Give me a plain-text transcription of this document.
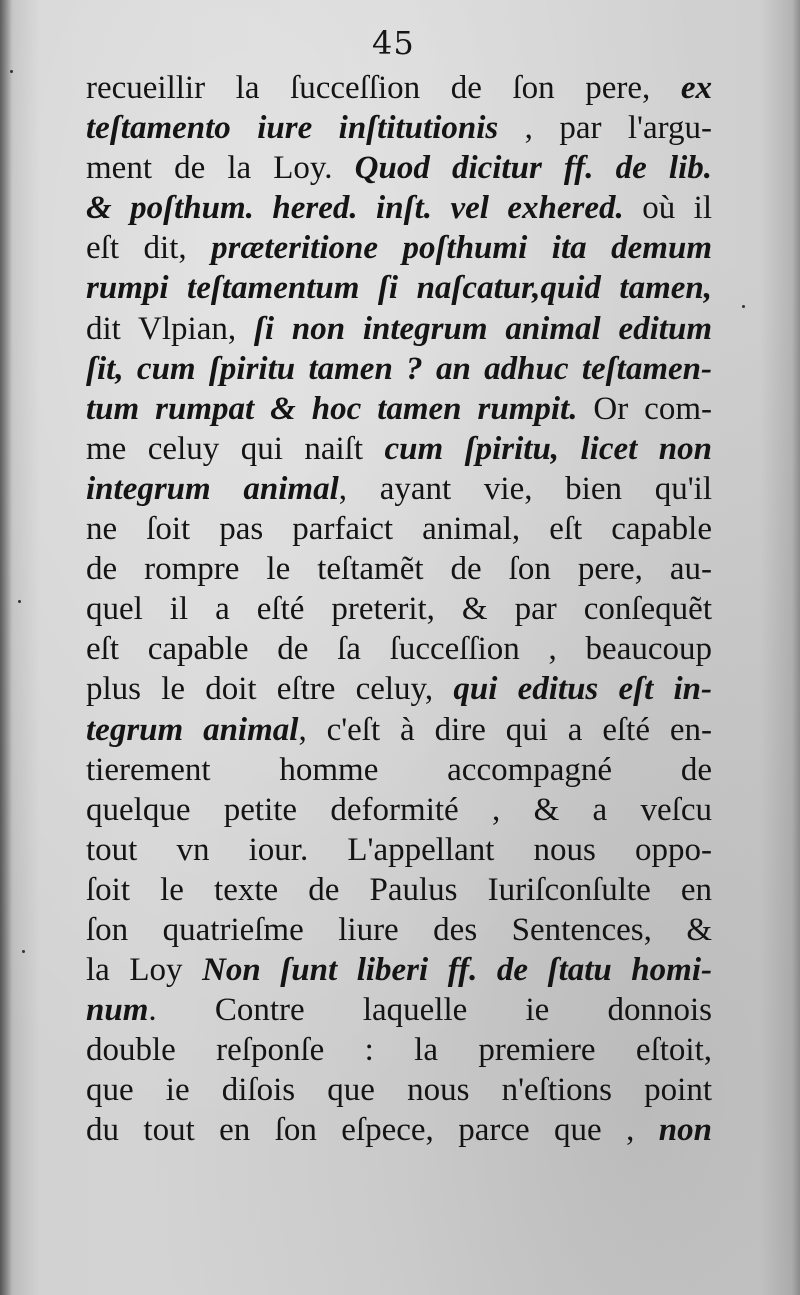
45
recueillir la ſucceſſion de ſon pere, ex
teſtamento iure inſtitutionis , par l'argu-
ment de la Loy. Quod dicitur ff. de lib.
& poſthum. hered. inſt. vel exhered. où il
eſt dit, præteritione poſthumi ita demum
rumpi teſtamentum ſi naſcatur,quid tamen,
dit Vlpian, ſi non integrum animal editum
ſit, cum ſpiritu tamen ? an adhuc teſtamen-
tum rumpat & hoc tamen rumpit. Or com-
me celuy qui naiſt cum ſpiritu, licet non
integrum animal, ayant vie, bien qu'il
ne ſoit pas parfaict animal, eſt capable
de rompre le teſtamẽt de ſon pere, au-
quel il a eſté preterit, & par conſequẽt
eſt capable de ſa ſucceſſion , beaucoup
plus le doit eſtre celuy, qui editus eſt in-
tegrum animal, c'eſt à dire qui a eſté en-
tierement homme accompagné de
quelque petite deformité , & a veſcu
tout vn iour. L'appellant nous oppo-
ſoit le texte de Paulus Iuriſconſulte en
ſon quatrieſme liure des Sentences, &
la Loy Non ſunt liberi ff. de ſtatu homi-
num. Contre laquelle ie donnois
double reſponſe : la premiere eſtoit,
que ie diſois que nous n'eſtions point
du tout en ſon eſpece, parce que , non
